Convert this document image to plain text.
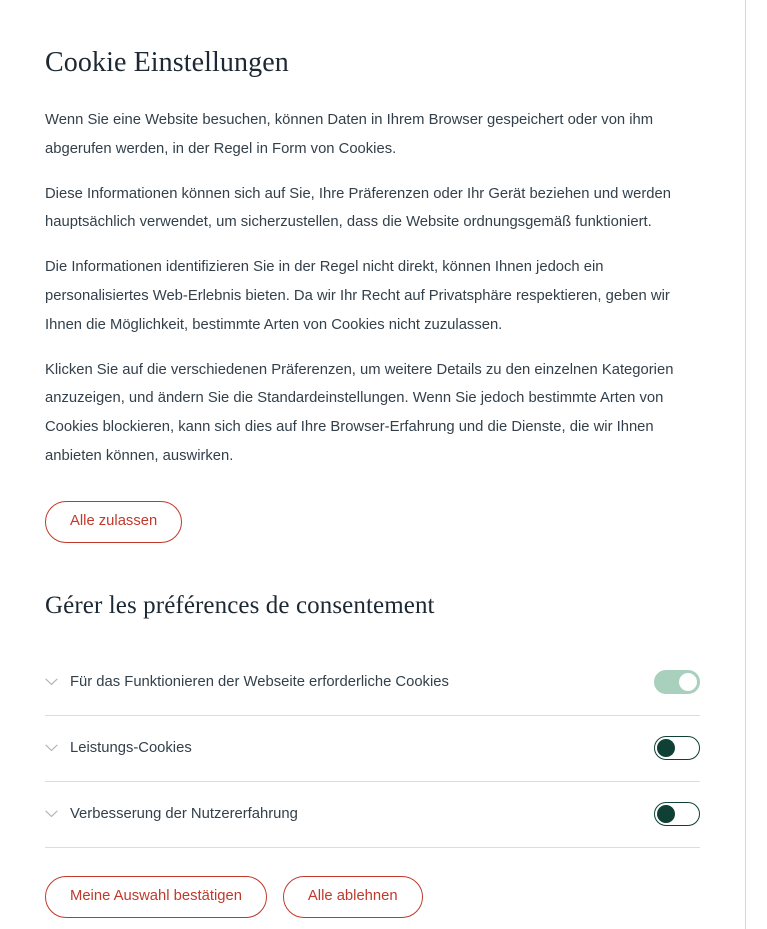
Cookie Einstellungen

Wenn Sie eine Website besuchen, können Daten in Ihrem Browser gespeichert oder von ihm abgerufen werden, in der Regel in Form von Cookies.

Diese Informationen können sich auf Sie, Ihre Präferenzen oder Ihr Gerät beziehen und werden hauptsächlich verwendet, um sicherzustellen, dass die Website ordnungsgemäß funktioniert.

Die Informationen identifizieren Sie in der Regel nicht direkt, können Ihnen jedoch ein personalisiertes Web-Erlebnis bieten. Da wir Ihr Recht auf Privatsphäre respektieren, geben wir Ihnen die Möglichkeit, bestimmte Arten von Cookies nicht zuzulassen.

Klicken Sie auf die verschiedenen Präferenzen, um weitere Details zu den einzelnen Kategorien anzuzeigen, und ändern Sie die Standardeinstellungen. Wenn Sie jedoch bestimmte Arten von Cookies blockieren, kann sich dies auf Ihre Browser-Erfahrung und die Dienste, die wir Ihnen anbieten können, auswirken.

Alle zulassen
Gérer les préférences de consentement
Für das Funktionieren der Webseite erforderliche Cookies
Leistungs-Cookies
Verbesserung der Nutzererfahrung
Meine Auswahl bestätigen	Alle ablehnen
